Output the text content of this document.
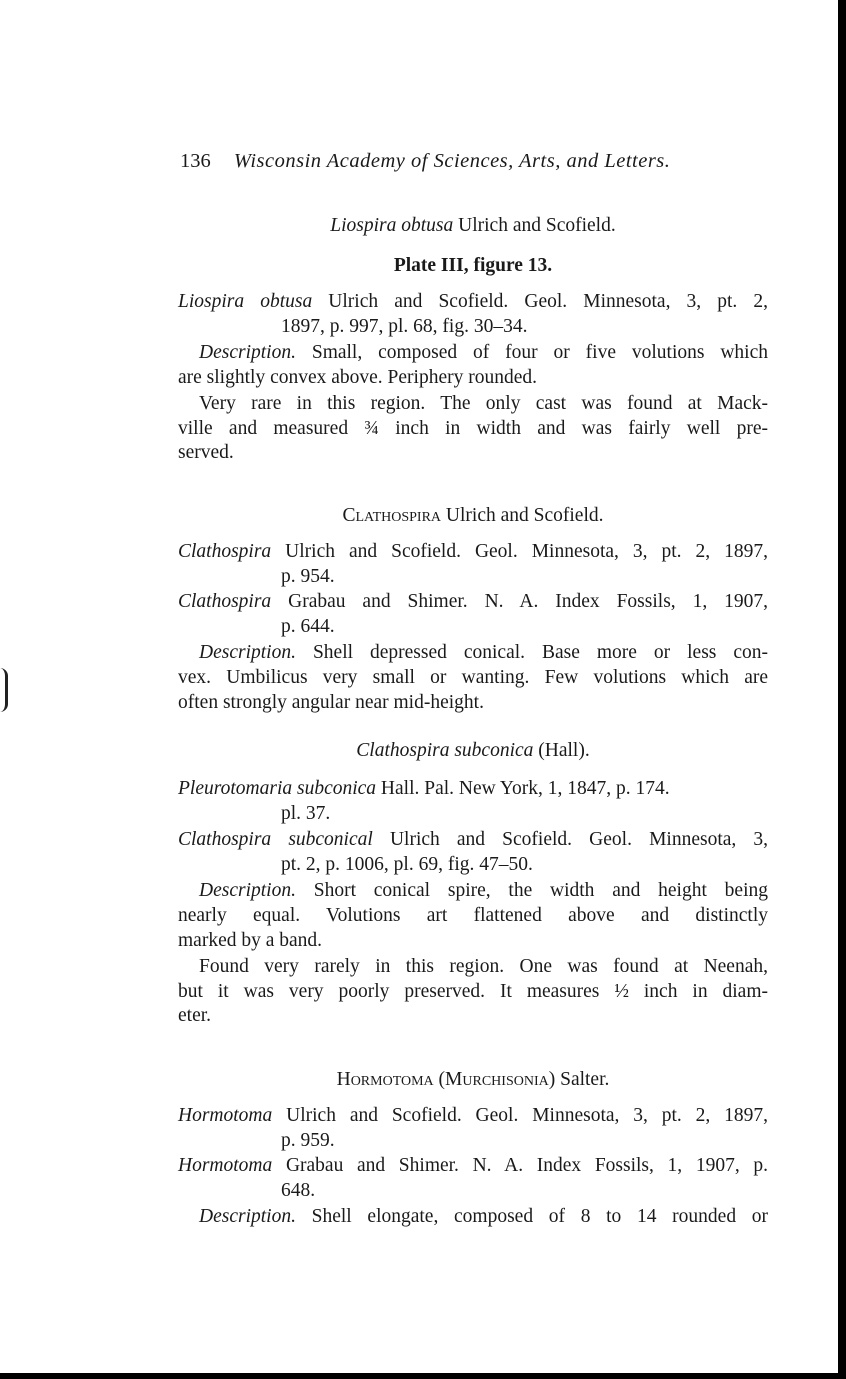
136 Wisconsin Academy of Sciences, Arts, and Letters.
Liospira obtusa Ulrich and Scofield.
Plate III, figure 13.
Liospira obtusa Ulrich and Scofield. Geol. Minnesota, 3, pt. 2,
1897, p. 997, pl. 68, fig. 30–34.
Description. Small, composed of four or five volutions which
are slightly convex above. Periphery rounded.
Very rare in this region. The only cast was found at Mack-
ville and measured ¾ inch in width and was fairly well pre-
served.
Clathospira Ulrich and Scofield.
Clathospira Ulrich and Scofield. Geol. Minnesota, 3, pt. 2, 1897,
p. 954.
Clathospira Grabau and Shimer. N. A. Index Fossils, 1, 1907,
p. 644.
Description. Shell depressed conical. Base more or less con-
vex. Umbilicus very small or wanting. Few volutions which are
often strongly angular near mid-height.
Clathospira subconica (Hall).
Pleurotomaria subconica Hall. Pal. New York, 1, 1847, p. 174.
pl. 37.
Clathospira subconical Ulrich and Scofield. Geol. Minnesota, 3,
pt. 2, p. 1006, pl. 69, fig. 47–50.
Description. Short conical spire, the width and height being
nearly equal. Volutions art flattened above and distinctly
marked by a band.
Found very rarely in this region. One was found at Neenah,
but it was very poorly preserved. It measures ½ inch in diam-
eter.
Hormotoma (Murchisonia) Salter.
Hormotoma Ulrich and Scofield. Geol. Minnesota, 3, pt. 2, 1897,
p. 959.
Hormotoma Grabau and Shimer. N. A. Index Fossils, 1, 1907, p.
648.
Description. Shell elongate, composed of 8 to 14 rounded or
